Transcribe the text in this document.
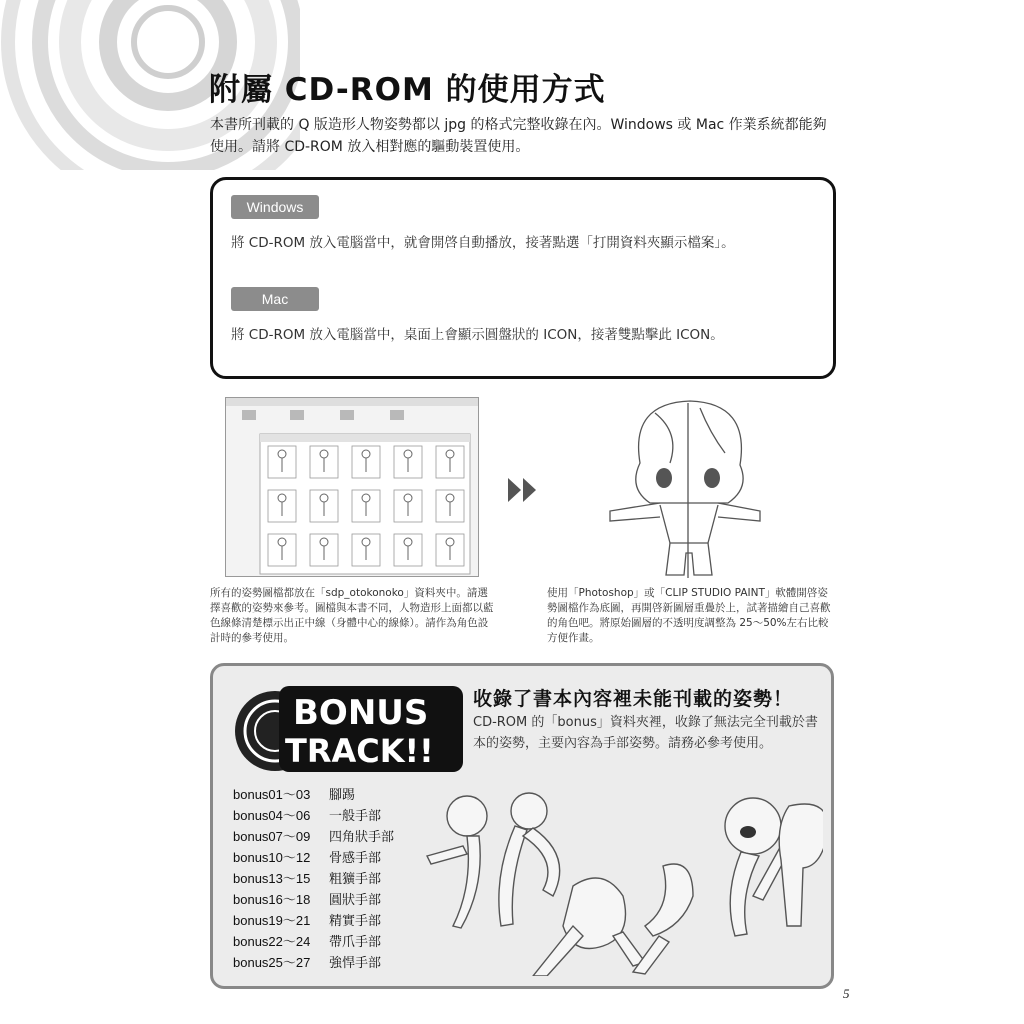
附屬 CD-ROM 的使用方式
本書所刊載的 Q 版造形人物姿勢都以 jpg 的格式完整收錄在內。Windows 或 Mac 作業系統都能夠使用。請將 CD-ROM 放入相對應的驅動裝置使用。
Windows
將 CD-ROM 放入電腦當中，就會開啓自動播放，接著點選「打開資料夾顯示檔案」。
Mac
將 CD-ROM 放入電腦當中，桌面上會顯示圓盤狀的 ICON，接著雙點擊此 ICON。
所有的姿勢圖檔都放在「sdp_otokonoko」資料夾中。請選擇喜歡的姿勢來參考。圖檔與本書不同，人物造形上面都以藍色線條清楚標示出正中線（身體中心的線條）。請作為角色設計時的參考使用。
使用「Photoshop」或「CLIP STUDIO PAINT」軟體開啓姿勢圖檔作為底圖，再開啓新圖層重疊於上，試著描繪自己喜歡的角色吧。將原始圖層的不透明度調整為 25～50%左右比較方便作畫。
BONUS
TRACK!!
收錄了書本內容裡未能刊載的姿勢！
CD-ROM 的「bonus」資料夾裡，收錄了無法完全刊載於書本的姿勢，主要內容為手部姿勢。請務必參考使用。
bonus01～03 腳踢
bonus04～06 一般手部
bonus07～09 四角狀手部
bonus10～12 骨感手部
bonus13～15 粗獷手部
bonus16～18 圓狀手部
bonus19～21 精實手部
bonus22～24 帶爪手部
bonus25～27 強悍手部
5
